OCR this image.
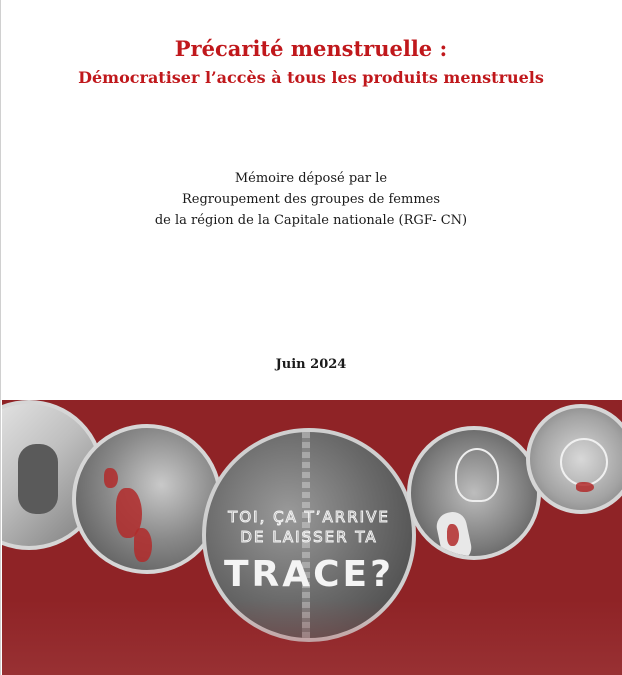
Précarité menstruelle :
Démocratiser l’accès à tous les produits menstruels
Mémoire déposé par le
Regroupement des groupes de femmes
de la région de la Capitale nationale (RGF- CN)
Juin 2024
TOI, ÇA T’ARRIVE
DE LAISSER TA
TRACE?
